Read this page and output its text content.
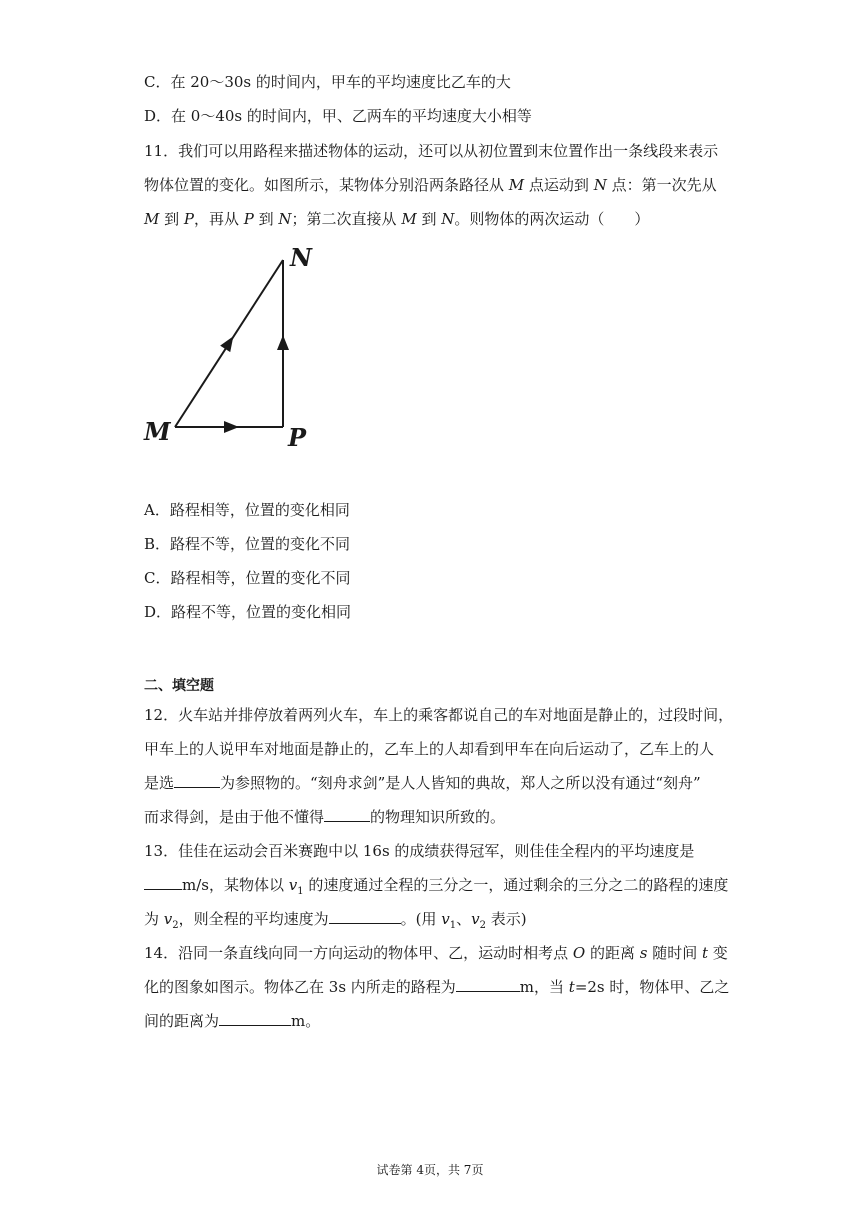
C．在 20～30s 的时间内，甲车的平均速度比乙车的大
D．在 0～40s 的时间内，甲、乙两车的平均速度大小相等
11．我们可以用路程来描述物体的运动，还可以从初位置到末位置作出一条线段来表示
物体位置的变化。如图所示，某物体分别沿两条路径从 M 点运动到 N 点：第一次先从
M 到 P，再从 P 到 N；第二次直接从 M 到 N。则物体的两次运动（　　）
M
N
P
A．路程相等，位置的变化相同
B．路程不等，位置的变化不同
C．路程相等，位置的变化不同
D．路程不等，位置的变化相同
二、填空题
12．火车站并排停放着两列火车，车上的乘客都说自己的车对地面是静止的，过段时间，
甲车上的人说甲车对地面是静止的，乙车上的人却看到甲车在向后运动了，乙车上的人
是选	为参照物的。“刻舟求剑”是人人皆知的典故，郑人之所以没有通过“刻舟”
而求得剑，是由于他不懂得	的物理知识所致的。
13．佳佳在运动会百米赛跑中以 16s 的成绩获得冠军，则佳佳全程内的平均速度是
m/s，某物体以 $v_1$ 的速度通过全程的三分之一，通过剩余的三分之二的路程的速度
为 $v_2$，则全程的平均速度为	。(用 $v_1$、$v_2$ 表示)
14．沿同一条直线向同一方向运动的物体甲、乙，运动时相考点 O 的距离 s 随时间 t 变
化的图象如图示。物体乙在 3s 内所走的路程为	m，当 t=2s 时，物体甲、乙之
间的距离为	m。
试卷第 4页，共 7页
